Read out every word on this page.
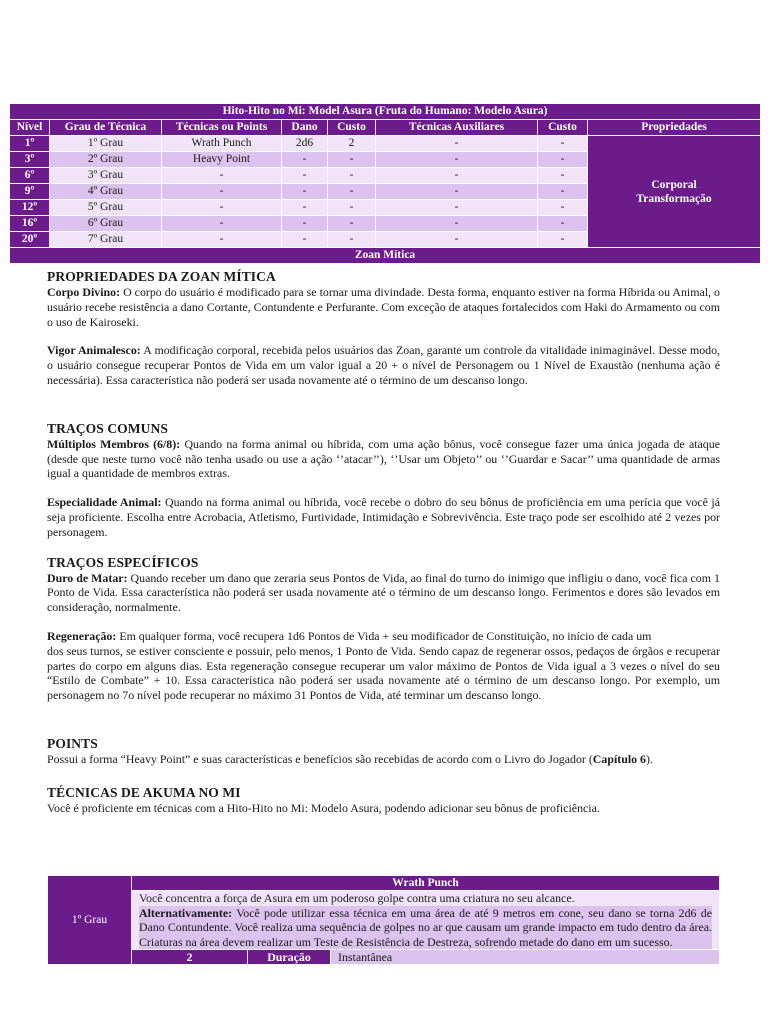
Hito-Hito no Mi: Model Asura (Fruta do Humano: Modelo Asura)							
Nível	Grau de Técnica	Técnicas ou Points	Dano	Custo	Técnicas Auxiliares	Custo	Propriedades
1º	1º Grau	Wrath Punch	2d6	2	-	-	Corporal
Transformação
3º	2º Grau	Heavy Point	-	-	-	-	
6º	3º Grau	-	-	-	-	-	
9º	4º Grau	-	-	-	-	-	
12º	5º Grau	-	-	-	-	-	
16º	6º Grau	-	-	-	-	-	
20º	7º Grau	-	-	-	-	-	
Zoan Mítica							
PROPRIEDADES DA ZOAN MÍTICA

Corpo Divino: O corpo do usuário é modificado para se tornar uma divindade. Desta forma, enquanto estiver na forma Híbrida ou Animal, o usuário recebe resistência a dano Cortante, Contundente e Perfurante. Com exceção de ataques fortalecidos com Haki do Armamento ou com o uso de Kairoseki.

Vigor Animalesco: A modificação corporal, recebida pelos usuários das Zoan, garante um controle da vitalidade inimaginável. Desse modo, o usuário consegue recuperar Pontos de Vida em um valor igual a 20 + o nível de Personagem ou 1 Nível de Exaustão (nenhuma ação é necessária). Essa característica não poderá ser usada novamente até o término de um descanso longo.

TRAÇOS COMUNS

Múltiplos Membros (6/8): Quando na forma animal ou híbrida, com uma ação bônus, você consegue fazer uma única jogada de ataque (desde que neste turno você não tenha usado ou use a ação ‘’atacar’’), ‘’Usar um Objeto’’ ou ‘’Guardar e Sacar’’ uma quantidade de armas igual a quantidade de membros extras.

Especialidade Animal: Quando na forma animal ou híbrida, você recebe o dobro do seu bônus de proficiência em uma perícia que você já seja proficiente. Escolha entre Acrobacia, Atletismo, Furtividade, Intimidação e Sobrevivência. Este traço pode ser escolhido até 2 vezes por personagem.

TRAÇOS ESPECÍFICOS

Duro de Matar: Quando receber um dano que zeraria seus Pontos de Vida, ao final do turno do inimigo que infligiu o dano, você fica com 1 Ponto de Vida. Essa característica não poderá ser usada novamente até o término de um descanso longo. Ferimentos e dores são levados em consideração, normalmente.

Regeneração: Em qualquer forma, você recupera 1d6 Pontos de Vida + seu modificador de Constituição, no início de cada um

dos seus turnos, se estiver consciente e possuir, pelo menos, 1 Ponto de Vida. Sendo capaz de regenerar ossos, pedaços de órgãos e recuperar partes do corpo em alguns dias. Esta regeneração consegue recuperar um valor máximo de Pontos de Vida igual a 3 vezes o nível do seu “Estilo de Combate” + 10. Essa característica não poderá ser usada novamente até o término de um descanso longo. Por exemplo, um personagem no 7o nível pode recuperar no máximo 31 Pontos de Vida, até terminar um descanso longo.

POINTS

Possui a forma “Heavy Point” e suas características e benefícios são recebidas de acordo com o Livro do Jogador (Capítulo 6).

TÉCNICAS DE AKUMA NO MI

Você é proficiente em técnicas com a Hito-Hito no Mi: Modelo Asura, podendo adicionar seu bônus de proficiência.

1º Grau	Wrath Punch		

	Você concentra a força de Asura em um poderoso golpe contra uma criatura no seu alcance.
Alternativamente: Você pode utilizar essa técnica em uma área de até 9 metros em cone, seu dano se torna 2d6 de Dano Contundente. Você realiza uma sequência de golpes no ar que causam um grande impacto em tudo dentro da área. Criaturas na área devem realizar um Teste de Resistência de Destreza, sofrendo metade do dano em um sucesso.		

	2	Duração	Instantânea
